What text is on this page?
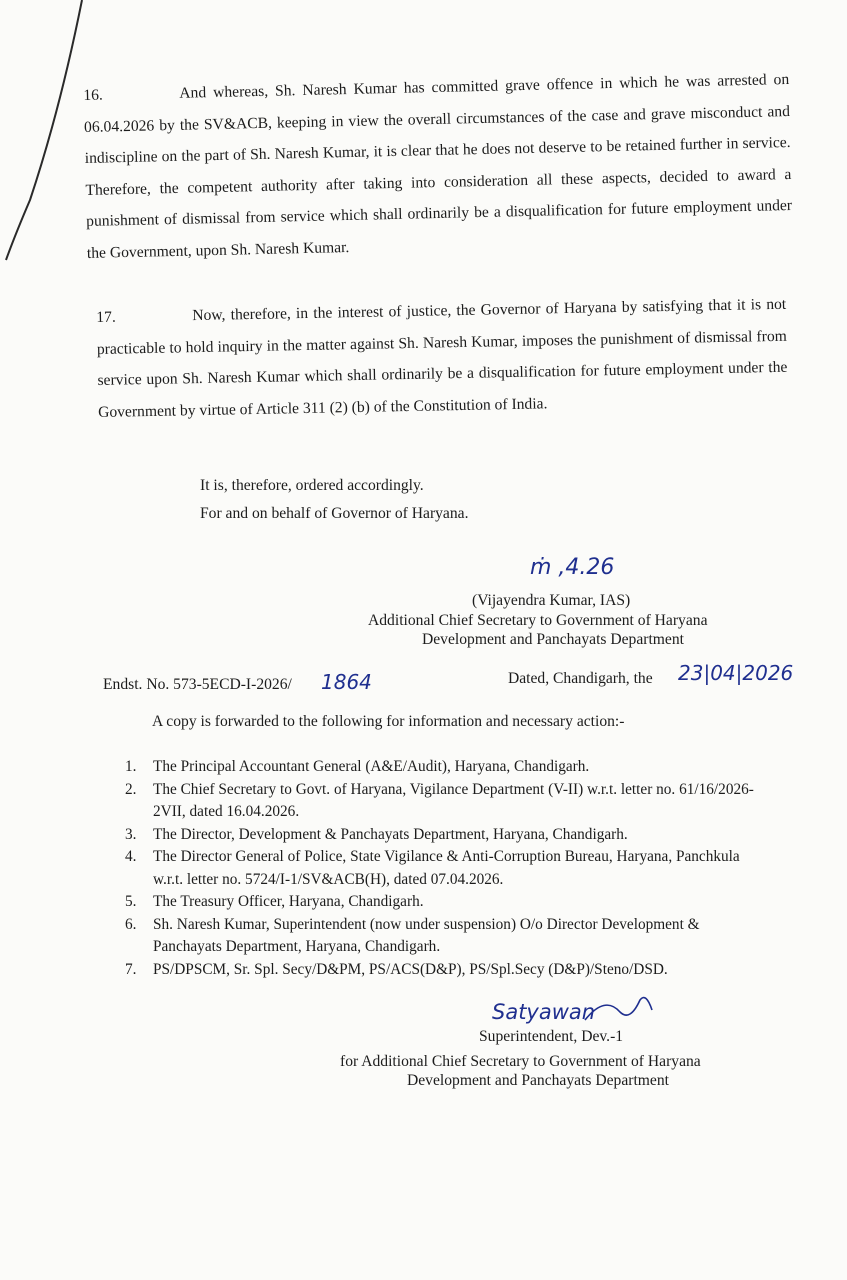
16.	And whereas, Sh. Naresh Kumar has committed grave offence in which he was arrested on 06.04.2026 by the SV&ACB, keeping in view the overall circumstances of the case and grave misconduct and indiscipline on the part of Sh. Naresh Kumar, it is clear that he does not deserve to be retained further in service. Therefore, the competent authority after taking into consideration all these aspects, decided to award a punishment of dismissal from service which shall ordinarily be a disqualification for future employment under the Government, upon Sh. Naresh Kumar.
17.	Now, therefore, in the interest of justice, the Governor of Haryana by satisfying that it is not practicable to hold inquiry in the matter against Sh. Naresh Kumar, imposes the punishment of dismissal from service upon Sh. Naresh Kumar which shall ordinarily be a disqualification for future employment under the Government by virtue of Article 311 (2) (b) of the Constitution of India.
It is, therefore, ordered accordingly.
For and on behalf of Governor of Haryana.
ṁ ,4.26
(Vijayendra Kumar, IAS)
Additional Chief Secretary to Government of Haryana
Development and Panchayats Department
Endst. No. 573-5ECD-I-2026/ 1864	Dated, Chandigarh, the 23|04|2026
A copy is forwarded to the following for information and necessary action:-
1. The Principal Accountant General (A&E/Audit), Haryana, Chandigarh.
2. The Chief Secretary to Govt. of Haryana, Vigilance Department (V-II) w.r.t. letter no. 61/16/2026-2VII, dated 16.04.2026.
3. The Director, Development & Panchayats Department, Haryana, Chandigarh.
4. The Director General of Police, State Vigilance & Anti-Corruption Bureau, Haryana, Panchkula w.r.t. letter no. 5724/I-1/SV&ACB(H), dated 07.04.2026.
5. The Treasury Officer, Haryana, Chandigarh.
6. Sh. Naresh Kumar, Superintendent (now under suspension) O/o Director Development & Panchayats Department, Haryana, Chandigarh.
7. PS/DPSCM, Sr. Spl. Secy/D&PM, PS/ACS(D&P), PS/Spl.Secy (D&P)/Steno/DSD.
Satyawan
Superintendent, Dev.-1
for Additional Chief Secretary to Government of Haryana
Development and Panchayats Department
